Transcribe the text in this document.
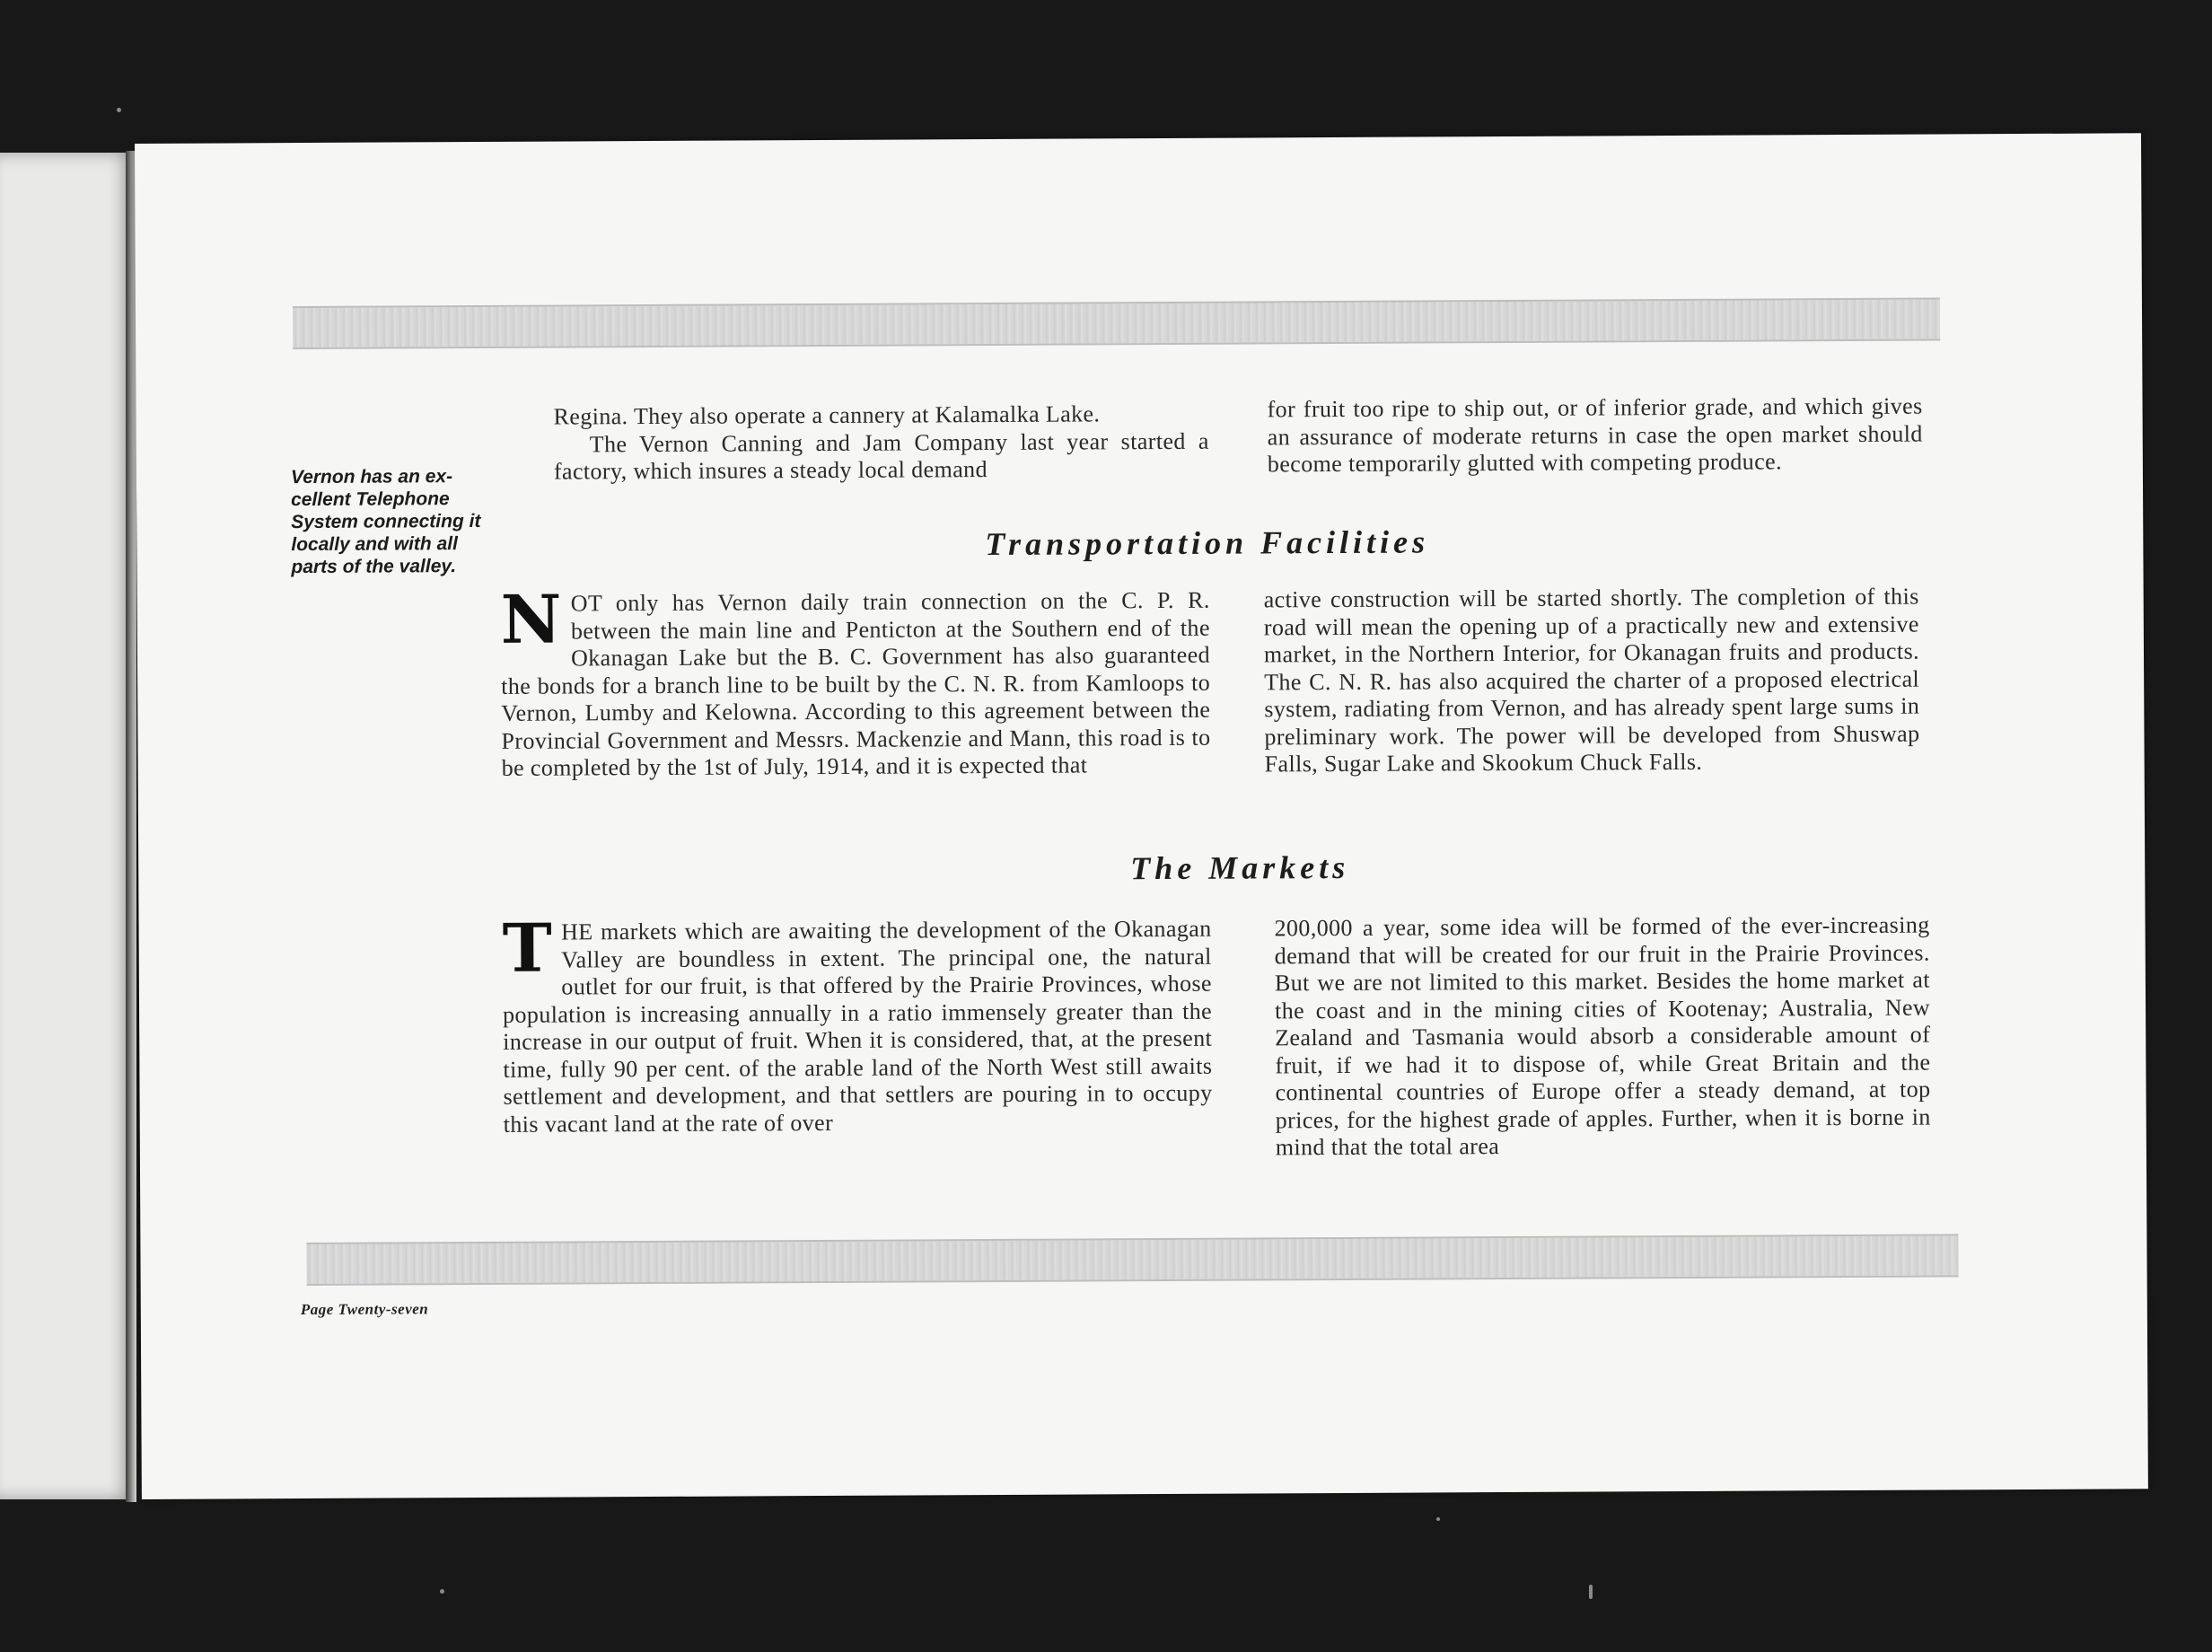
Vernon has an ex-
cellent Telephone
System connecting it
locally and with all
parts of the valley.

Regina. They also operate a cannery at Kalamalka Lake.

The Vernon Canning and Jam Company last year started a factory, which insures a steady local demand

for fruit too ripe to ship out, or of inferior grade, and which gives an assurance of moderate returns in case the open market should become temporarily glutted with competing produce.

Transportation Facilities
N OT only has Vernon daily train connection on the C. P. R. between the main line and Penticton at the Southern end of the Okanagan Lake but the B. C. Government has also guaranteed the bonds for a branch line to be built by the C. N. R. from Kamloops to Vernon, Lumby and Kelowna. According to this agreement between the Provincial Government and Messrs. Mackenzie and Mann, this road is to be completed by the 1st of July, 1914, and it is expected that

active construction will be started shortly. The completion of this road will mean the opening up of a practically new and extensive market, in the Northern Interior, for Okanagan fruits and products. The C. N. R. has also acquired the charter of a proposed electrical system, radiating from Vernon, and has already spent large sums in preliminary work. The power will be developed from Shuswap Falls, Sugar Lake and Skookum Chuck Falls.

The Markets
T HE markets which are awaiting the development of the Okanagan Valley are boundless in extent. The principal one, the natural outlet for our fruit, is that offered by the Prairie Provinces, whose population is increasing annually in a ratio immensely greater than the increase in our output of fruit. When it is considered, that, at the present time, fully 90 per cent. of the arable land of the North West still awaits settlement and development, and that settlers are pouring in to occupy this vacant land at the rate of over

200,000 a year, some idea will be formed of the ever-increasing demand that will be created for our fruit in the Prairie Provinces. But we are not limited to this market. Besides the home market at the coast and in the mining cities of Kootenay; Australia, New Zealand and Tasmania would absorb a considerable amount of fruit, if we had it to dispose of, while Great Britain and the continental countries of Europe offer a steady demand, at top prices, for the highest grade of apples. Further, when it is borne in mind that the total area

Page Twenty-seven
